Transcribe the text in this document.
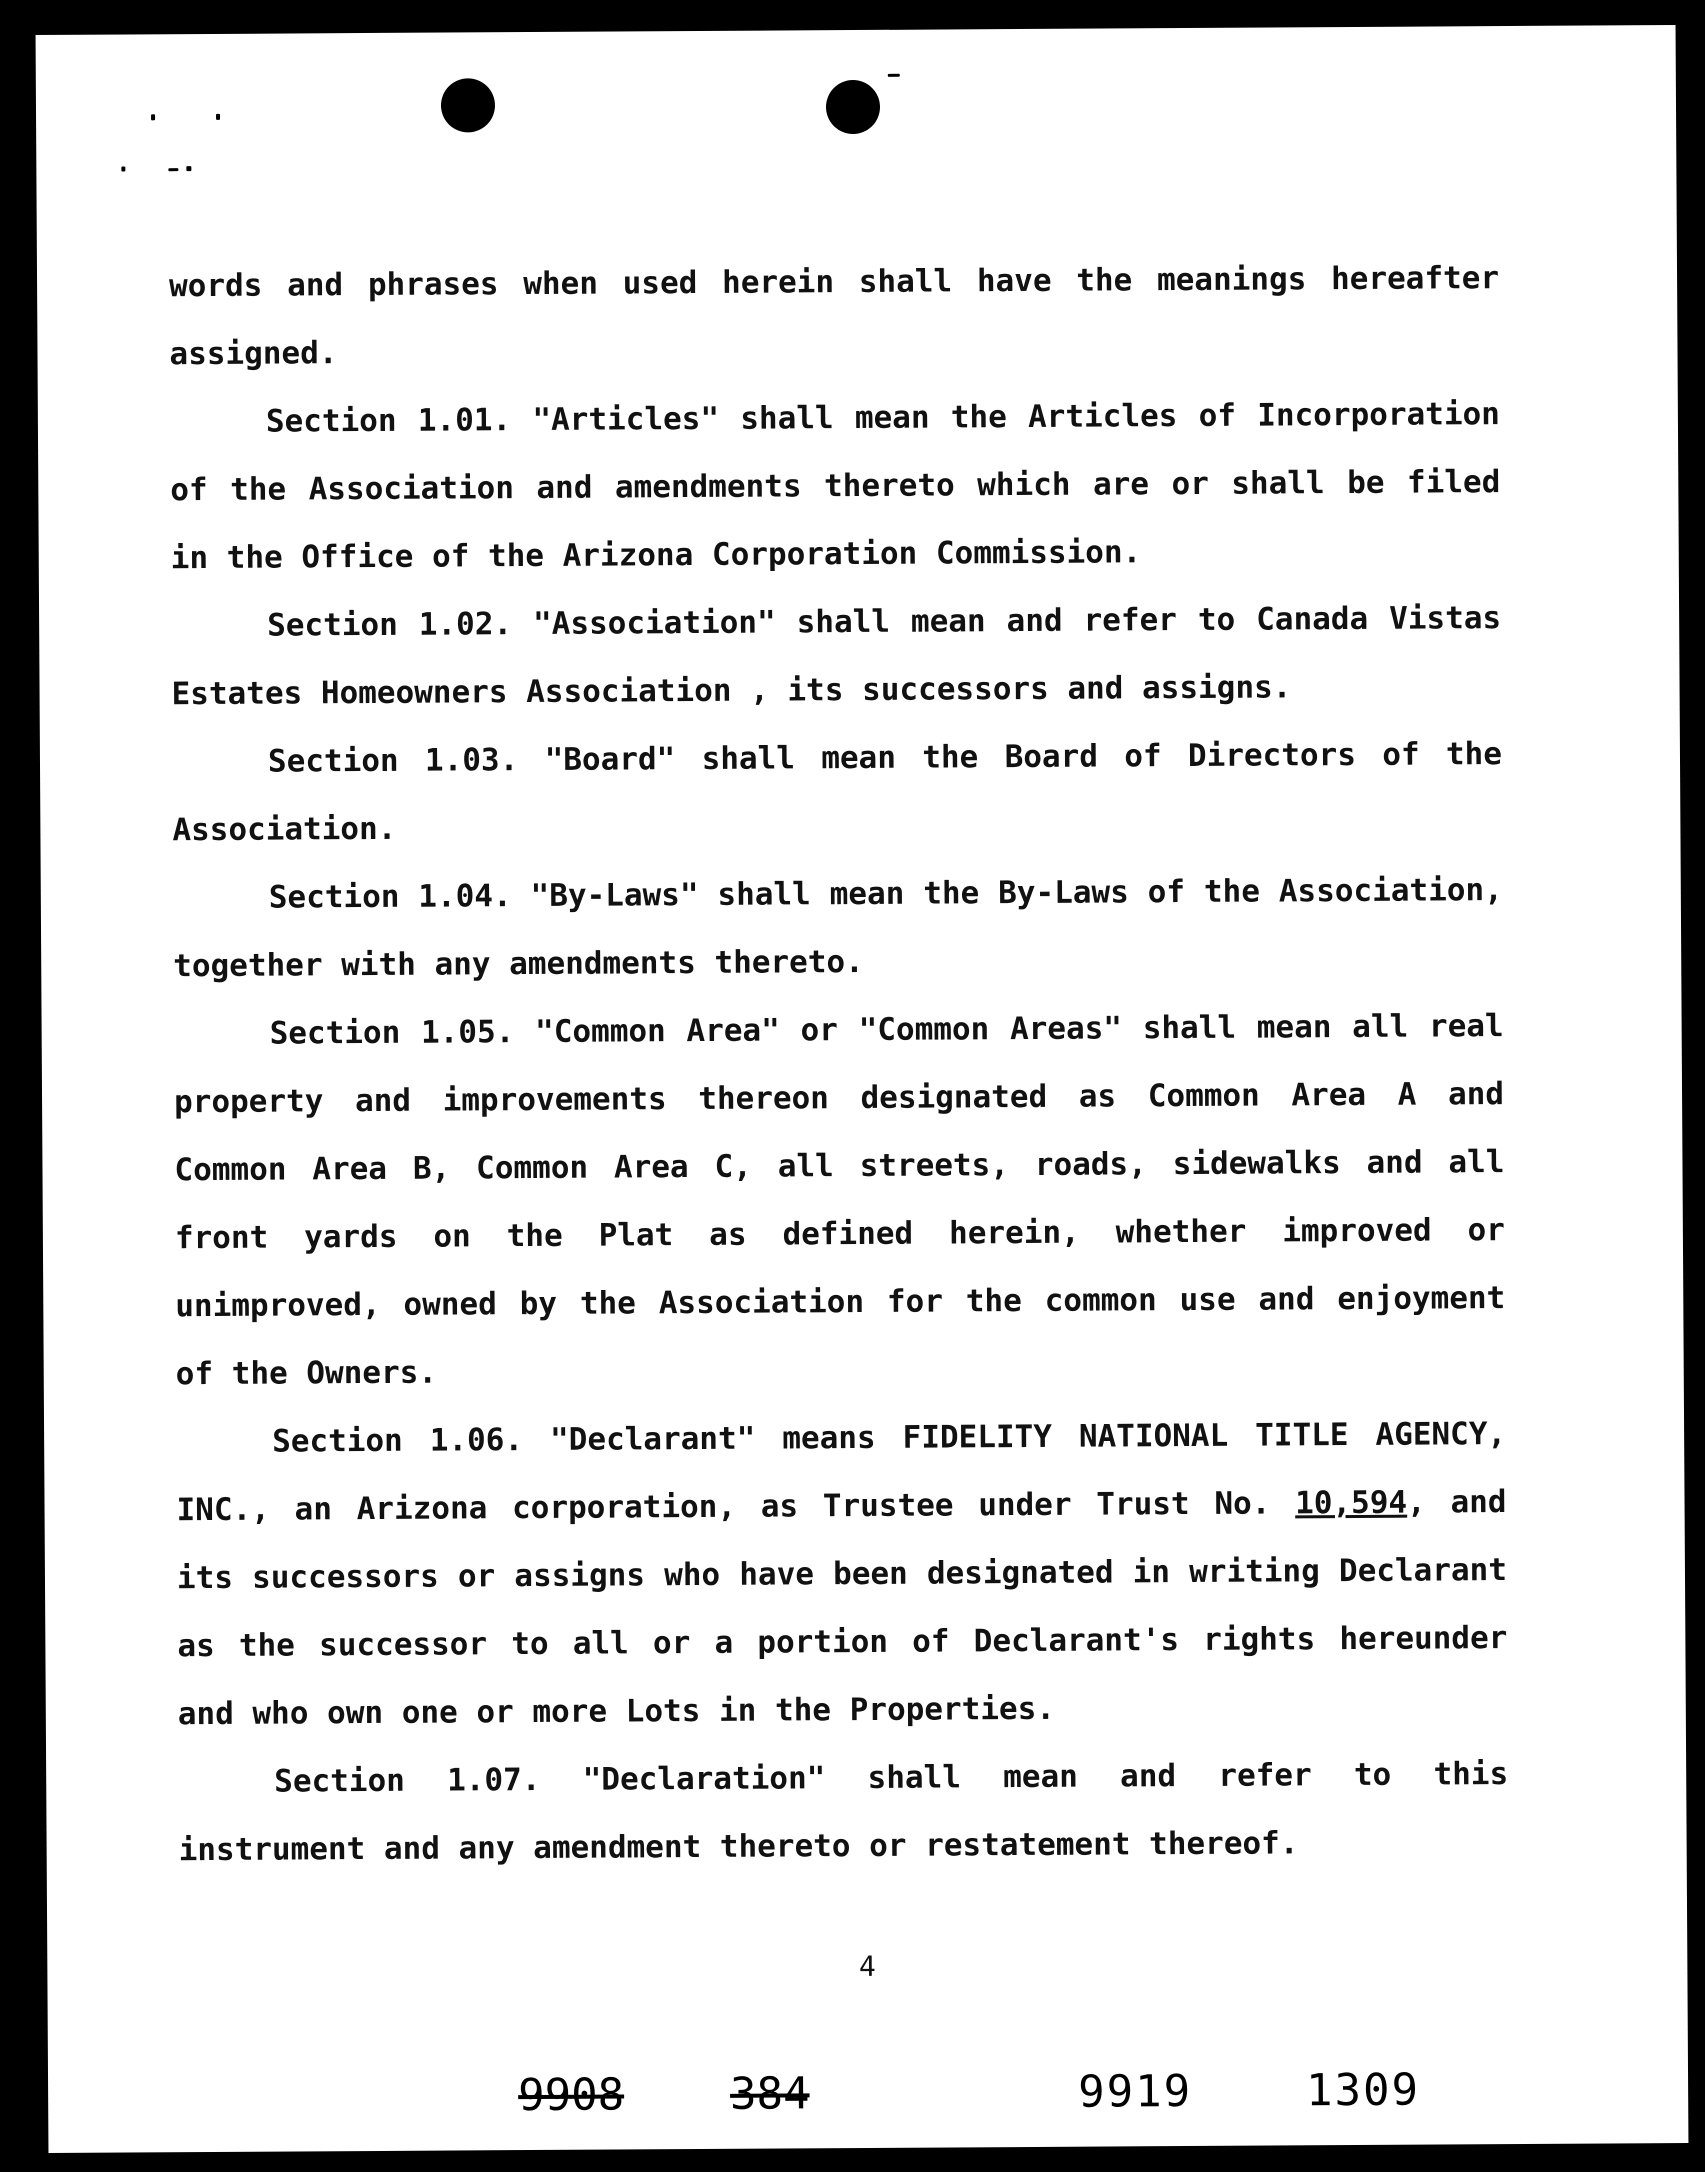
words and phrases when used herein shall have the meanings hereafter assigned.

Section 1.01. "Articles" shall mean the Articles of Incorporation of the Association and amendments thereto which are or shall be filed in the Office of the Arizona Corporation Commission.

Section 1.02. "Association" shall mean and refer to Canada Vistas Estates Homeowners Association , its successors and assigns.

Section 1.03. "Board" shall mean the Board of Directors of the Association.

Section 1.04. "By-Laws" shall mean the By-Laws of the Association, together with any amendments thereto.

Section 1.05. "Common Area" or "Common Areas" shall mean all real property and improvements thereon designated as Common Area A and Common Area B, Common Area C, all streets, roads, sidewalks and all front yards on the Plat as defined herein, whether improved or unimproved, owned by the Association for the common use and enjoyment of the Owners.

Section 1.06. "Declarant" means FIDELITY NATIONAL TITLE AGENCY, INC., an Arizona corporation, as Trustee under Trust No. 10,594, and its successors or assigns who have been designated in writing Declarant as the successor to all or a portion of Declarant's rights hereunder and who own one or more Lots in the Properties.

Section 1.07. "Declaration" shall mean and refer to this instrument and any amendment thereto or restatement thereof.

4
9908 384	9919	1309
